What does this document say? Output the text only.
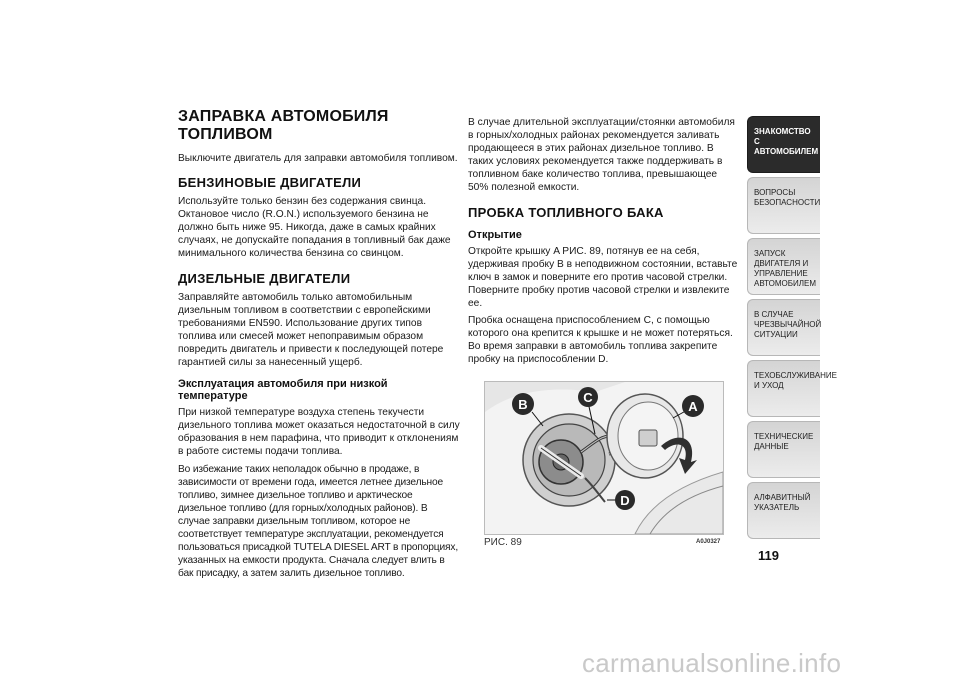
ЗАПРАВКА АВТОМОБИЛЯ ТОПЛИВОМ

Выключите двигатель для заправки автомобиля топливом.

БЕНЗИНОВЫЕ ДВИГАТЕЛИ

Используйте только бензин без содержания свинца. Октановое число (R.O.N.) используемого бензина не должно быть ниже 95. Никогда, даже в самых крайних случаях, не допускайте попадания в топливный бак даже минимального количества бензина со свинцом.

ДИЗЕЛЬНЫЕ ДВИГАТЕЛИ

Заправляйте автомобиль только автомобильным дизельным топливом в соответствии с европейскими требованиями EN590. Использование других типов топлива или смесей может непоправимым образом повредить двигатель и привести к последующей потере гарантией силы за нанесенный ущерб.

Эксплуатация автомобиля при низкой температуре

При низкой температуре воздуха степень текучести дизельного топлива может оказаться недостаточной в силу образования в нем парафина, что приводит к отклонениям в работе системы подачи топлива.

Во избежание таких неполадок обычно в продаже, в зависимости от времени года, имеется летнее дизельное топливо, зимнее дизельное топливо и арктическое дизельное топливо (для горных/холодных районов). В случае заправки дизельным топливом, которое не соответствует температуре эксплуатации, рекомендуется пользоваться присадкой TUTELA DIESEL ART в пропорциях, указанных на емкости продукта. Сначала следует влить в бак присадку, а затем залить дизельное топливо.

В случае длительной эксплуатации/стоянки автомобиля в горных/холодных районах рекомендуется заливать продающееся в этих районах дизельное топливо. В таких условиях рекомендуется также поддерживать в топливном баке количество топлива, превышающее 50% полезной емкости.

ПРОБКА ТОПЛИВНОГО БАКА
Открытие

Откройте крышку A РИС. 89, потянув ее на себя, удерживая пробку B в неподвижном состоянии, вставьте ключ в замок и поверните его против часовой стрелки. Поверните пробку против часовой стрелки и извлеките ее.

Пробка оснащена приспособлением C, с помощью которого она крепится к крышке и не может потеряться. Во время заправки в автомобиль топлива закрепите пробку на приспособлении D.

B	C
A
D
РИС. 89	A0J0327
ЗНАКОМСТВО С АВТОМОБИЛЕМ
ВОПРОСЫ БЕЗОПАСНОСТИ
ЗАПУСК ДВИГАТЕЛЯ И УПРАВЛЕНИЕ АВТОМОБИЛЕМ
В СЛУЧАЕ ЧРЕЗВЫЧАЙНОЙ СИТУАЦИИ
ТЕХОБСЛУЖИВАНИЕ И УХОД
ТЕХНИЧЕСКИЕ ДАННЫЕ
АЛФАВИТНЫЙ УКАЗАТЕЛЬ
119
carmanualsonline.info
